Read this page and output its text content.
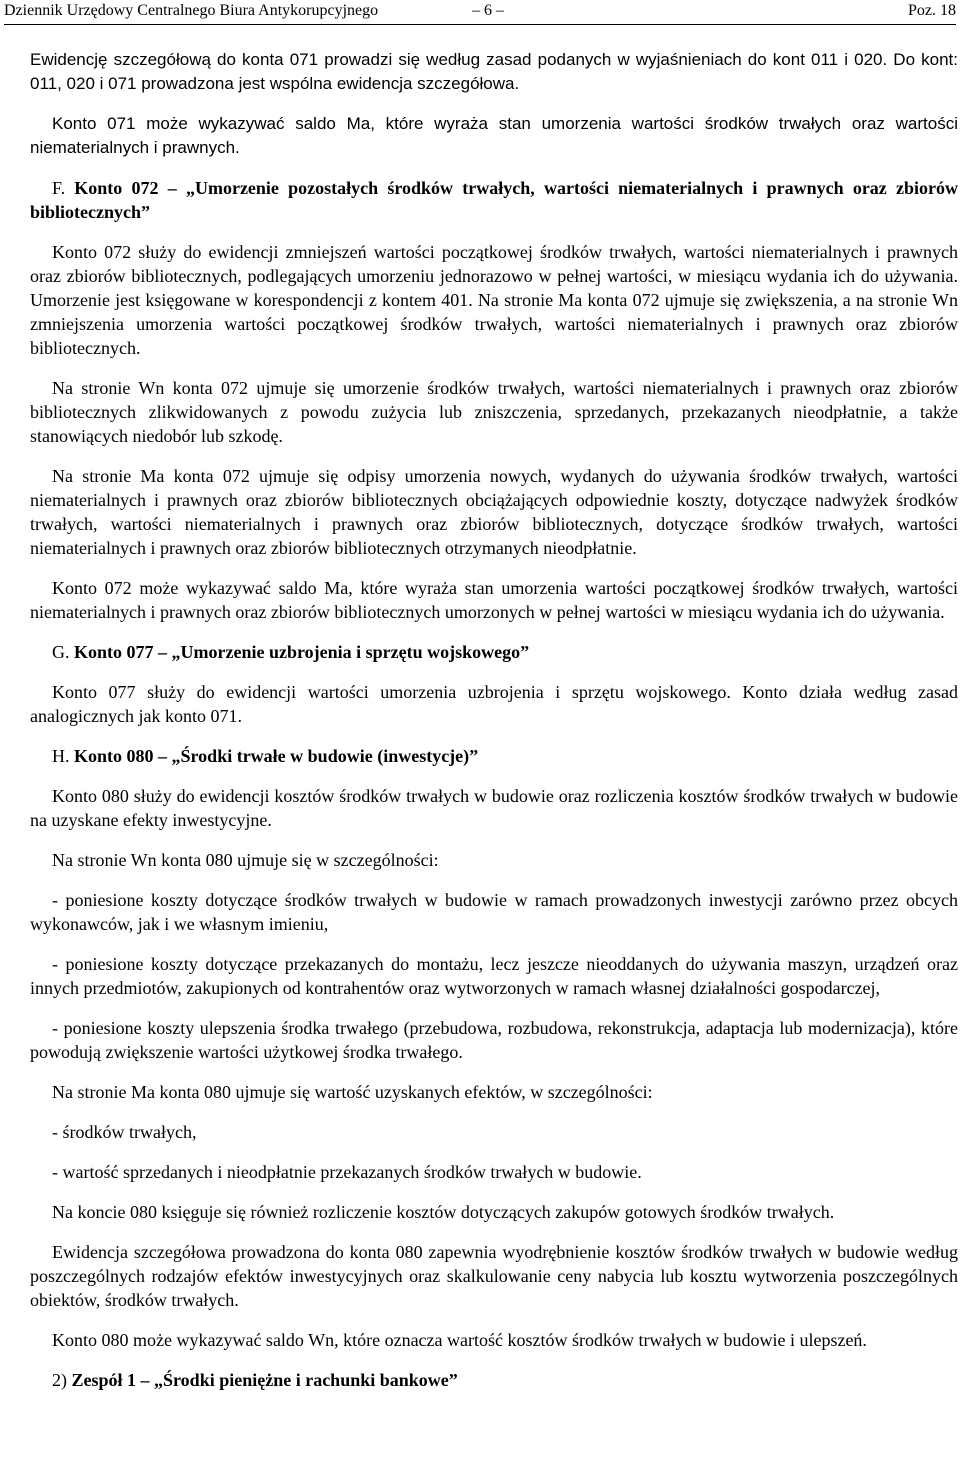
Dziennik Urzędowy Centralnego Biura Antykorupcyjnego	– 6 –	Poz. 18

Ewidencję szczegółową do konta 071 prowadzi się według zasad podanych w wyjaśnieniach do kont 011 i 020. Do kont: 011, 020 i 071 prowadzona jest wspólna ewidencja szczegółowa.

Konto 071 może wykazywać saldo Ma, które wyraża stan umorzenia wartości środków trwałych oraz wartości niematerialnych i prawnych.

F. Konto 072 – „Umorzenie pozostałych środków trwałych, wartości niematerialnych i prawnych oraz zbiorów bibliotecznych”

Konto 072 służy do ewidencji zmniejszeń wartości początkowej środków trwałych, wartości niematerialnych i prawnych oraz zbiorów bibliotecznych, podlegających umorzeniu jednorazowo w pełnej wartości, w miesiącu wydania ich do używania. Umorzenie jest księgowane w korespondencji z kontem 401. Na stronie Ma konta 072 ujmuje się zwiększenia, a na stronie Wn zmniejszenia umorzenia wartości początkowej środków trwałych, wartości niematerialnych i prawnych oraz zbiorów bibliotecznych.

Na stronie Wn konta 072 ujmuje się umorzenie środków trwałych, wartości niematerialnych i prawnych oraz zbiorów bibliotecznych zlikwidowanych z powodu zużycia lub zniszczenia, sprzedanych, przekazanych nieodpłatnie, a także stanowiących niedobór lub szkodę.

Na stronie Ma konta 072 ujmuje się odpisy umorzenia nowych, wydanych do używania środków trwałych, wartości niematerialnych i prawnych oraz zbiorów bibliotecznych obciążających odpowiednie koszty, dotyczące nadwyżek środków trwałych, wartości niematerialnych i prawnych oraz zbiorów bibliotecznych, dotyczące środków trwałych, wartości niematerialnych i prawnych oraz zbiorów bibliotecznych otrzymanych nieodpłatnie.

Konto 072 może wykazywać saldo Ma, które wyraża stan umorzenia wartości początkowej środków trwałych, wartości niematerialnych i prawnych oraz zbiorów bibliotecznych umorzonych w pełnej wartości w miesiącu wydania ich do używania.

G. Konto 077 – „Umorzenie uzbrojenia i sprzętu wojskowego”

Konto 077 służy do ewidencji wartości umorzenia uzbrojenia i sprzętu wojskowego. Konto działa według zasad analogicznych jak konto 071.

H. Konto 080 – „Środki trwałe w budowie (inwestycje)”

Konto 080 służy do ewidencji kosztów środków trwałych w budowie oraz rozliczenia kosztów środków trwałych w budowie na uzyskane efekty inwestycyjne.

Na stronie Wn konta 080 ujmuje się w szczególności:

- poniesione koszty dotyczące środków trwałych w budowie w ramach prowadzonych inwestycji zarówno przez obcych wykonawców, jak i we własnym imieniu,

- poniesione koszty dotyczące przekazanych do montażu, lecz jeszcze nieoddanych do używania maszyn, urządzeń oraz innych przedmiotów, zakupionych od kontrahentów oraz wytworzonych w ramach własnej działalności gospodarczej,

- poniesione koszty ulepszenia środka trwałego (przebudowa, rozbudowa, rekonstrukcja, adaptacja lub modernizacja), które powodują zwiększenie wartości użytkowej środka trwałego.

Na stronie Ma konta 080 ujmuje się wartość uzyskanych efektów, w szczególności:

- środków trwałych,

- wartość sprzedanych i nieodpłatnie przekazanych środków trwałych w budowie.

Na koncie 080 księguje się również rozliczenie kosztów dotyczących zakupów gotowych środków trwałych.

Ewidencja szczegółowa prowadzona do konta 080 zapewnia wyodrębnienie kosztów środków trwałych w budowie według poszczególnych rodzajów efektów inwestycyjnych oraz skalkulowanie ceny nabycia lub kosztu wytworzenia poszczególnych obiektów, środków trwałych.

Konto 080 może wykazywać saldo Wn, które oznacza wartość kosztów środków trwałych w budowie i ulepszeń.

2) Zespół 1 – „Środki pieniężne i rachunki bankowe”
